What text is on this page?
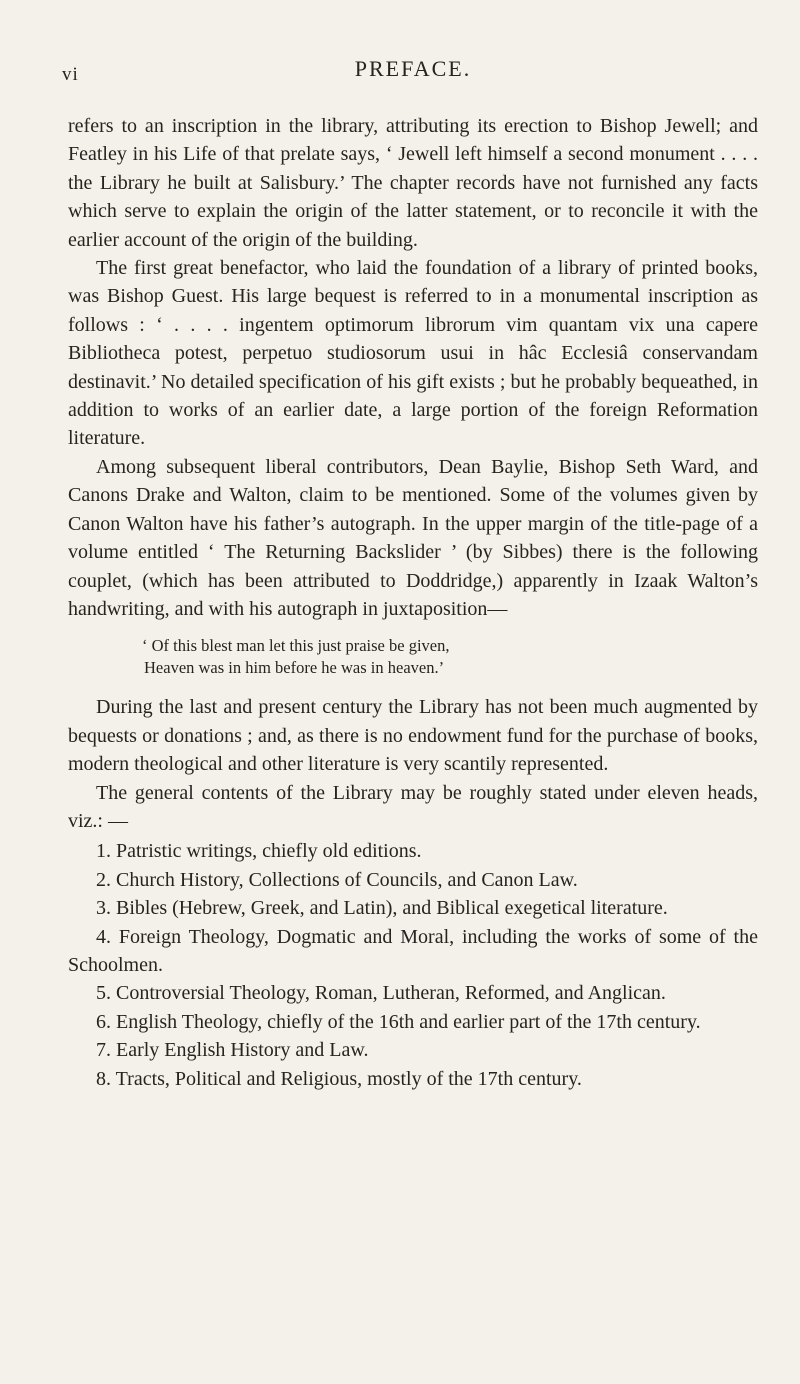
vi	PREFACE.

refers to an inscription in the library, attributing its erection to Bishop Jewell; and Featley in his Life of that prelate says, ‘ Jewell left himself a second monument . . . . the Library he built at Salisbury.’ The chapter records have not furnished any facts which serve to explain the origin of the latter statement, or to reconcile it with the earlier account of the origin of the building.

The first great benefactor, who laid the foundation of a library of printed books, was Bishop Guest. His large bequest is referred to in a monumental inscription as follows : ‘ . . . . ingentem optimorum librorum vim quantam vix una capere Bibliotheca potest, perpetuo studiosorum usui in hâc Ecclesiâ conservandam destinavit.’ No detailed specification of his gift exists ; but he probably bequeathed, in addition to works of an earlier date, a large portion of the foreign Reformation literature.

Among subsequent liberal contributors, Dean Baylie, Bishop Seth Ward, and Canons Drake and Walton, claim to be mentioned. Some of the volumes given by Canon Walton have his father’s autograph. In the upper margin of the title-page of a volume entitled ‘ The Returning Backslider ’ (by Sibbes) there is the following couplet, (which has been attributed to Doddridge,) apparently in Izaak Walton’s handwriting, and with his autograph in juxtaposition—

‘ Of this blest man let this just praise be given,
Heaven was in him before he was in heaven.’

During the last and present century the Library has not been much augmented by bequests or donations ; and, as there is no endowment fund for the purchase of books, modern theological and other literature is very scantily represented.

The general contents of the Library may be roughly stated under eleven heads, viz.: —

1. Patristic writings, chiefly old editions.
2. Church History, Collections of Councils, and Canon Law.
3. Bibles (Hebrew, Greek, and Latin), and Biblical exegetical literature.
4. Foreign Theology, Dogmatic and Moral, including the works of some of the Schoolmen.
5. Controversial Theology, Roman, Lutheran, Reformed, and Anglican.
6. English Theology, chiefly of the 16th and earlier part of the 17th century.
7. Early English History and Law.
8. Tracts, Political and Religious, mostly of the 17th century.
